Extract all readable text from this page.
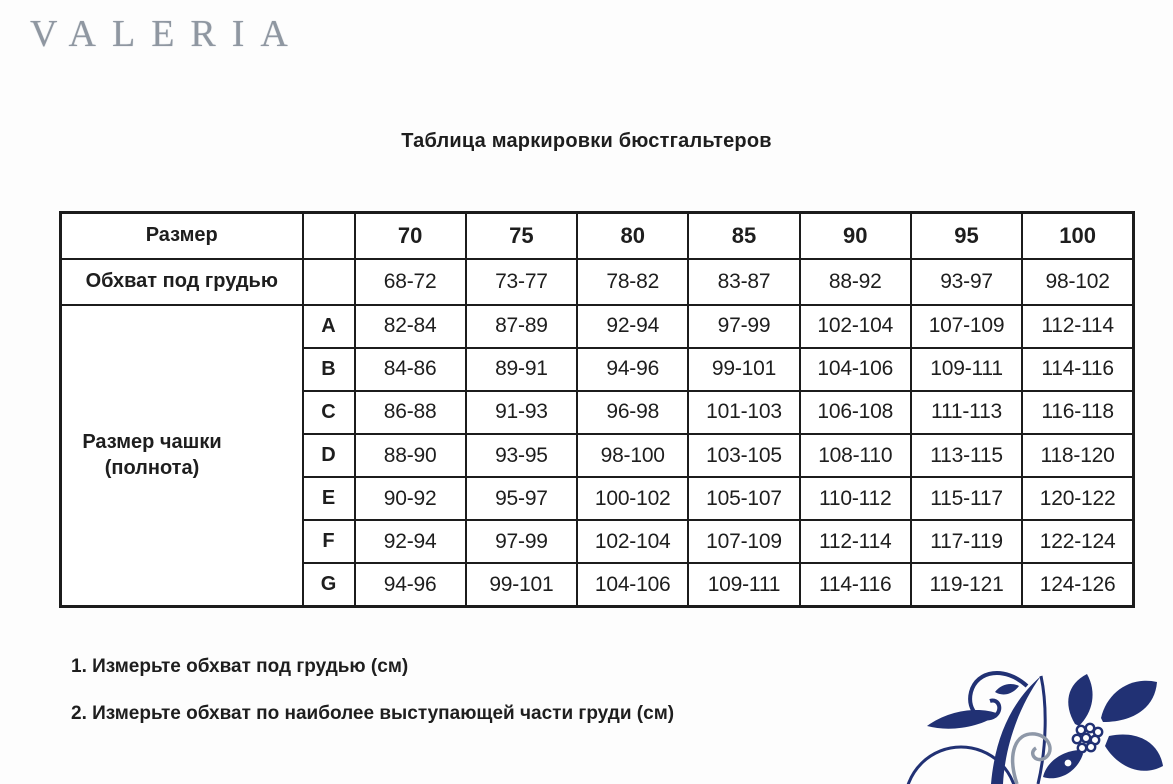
VALERIA
Таблица маркировки бюстгальтеров
Размер		70	75	80	85	90	95	100
Обхват под грудью		68-72	73-77	78-82	83-87	88-92	93-97	98-102

Размер чашки (полнота)	A	82-84	87-89	92-94	97-99	102-104	107-109	112-114
	B	84-86	89-91	94-96	99-101	104-106	109-111	114-116
	C	86-88	91-93	96-98	101-103	106-108	111-113	116-118
	D	88-90	93-95	98-100	103-105	108-110	113-115	118-120
	E	90-92	95-97	100-102	105-107	110-112	115-117	120-122
	F	92-94	97-99	102-104	107-109	112-114	117-119	122-124
	G	94-96	99-101	104-106	109-111	114-116	119-121	124-126

1. Измерьте обхват под грудью (см)

2. Измерьте обхват по наиболее выступающей части груди (см)
